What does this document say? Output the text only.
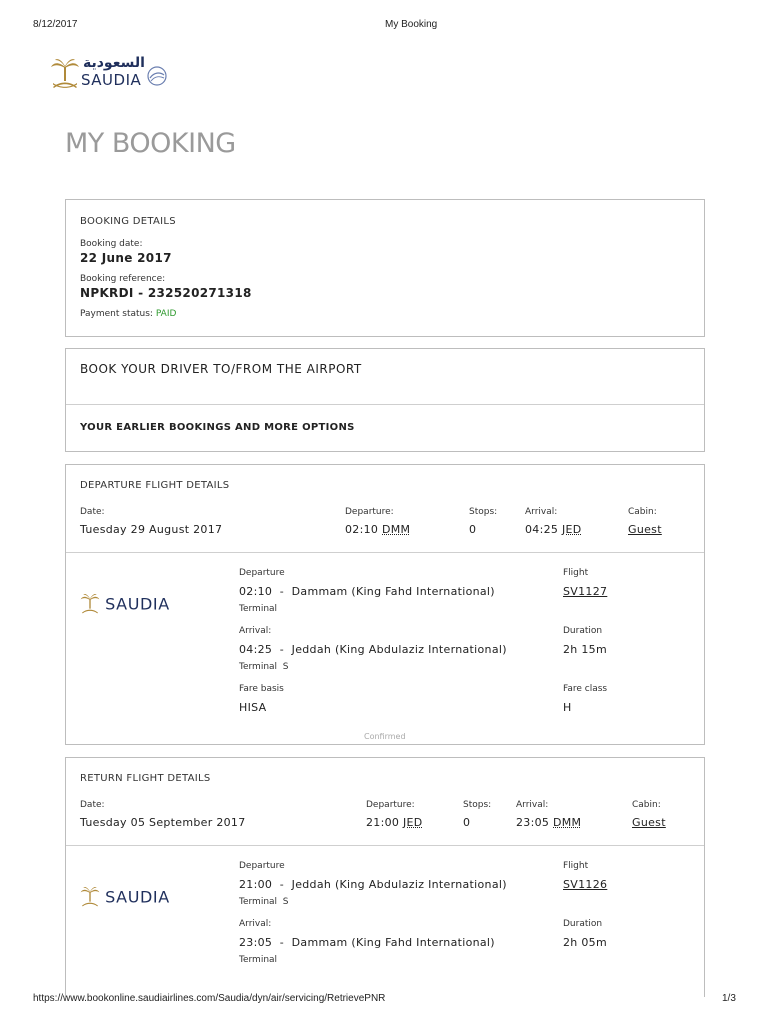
8/12/2017	My Booking
السعودية
SAUDIA
MY BOOKING
BOOKING DETAILS
Booking date:
22 June 2017
Booking reference:
NPKRDI - 232520271318
Payment status: PAID
BOOK YOUR DRIVER TO/FROM THE AIRPORT
YOUR EARLIER BOOKINGS AND MORE OPTIONS
DEPARTURE FLIGHT DETAILS
Date:
Tuesday 29 August 2017
Departure:
02:10 DMM
Stops:
0
Arrival:
04:25 JED
Cabin:
Guest
SAUDIA
Departure
02:10  -  Dammam (King Fahd International)
Terminal
Flight
SV1127
Arrival:
04:25  -  Jeddah (King Abdulaziz International)
Terminal  S
Duration
2h 15m
Fare basis
HISA
Fare class
H
Confirmed
RETURN FLIGHT DETAILS
Date:
Tuesday 05 September 2017
Departure:
21:00 JED
Stops:
0
Arrival:
23:05 DMM
Cabin:
Guest
SAUDIA
Departure
21:00  -  Jeddah (King Abdulaziz International)
Terminal  S
Flight
SV1126
Arrival:
23:05  -  Dammam (King Fahd International)
Terminal
Duration
2h 05m
https://www.bookonline.saudiairlines.com/Saudia/dyn/air/servicing/RetrievePNR	1/3
